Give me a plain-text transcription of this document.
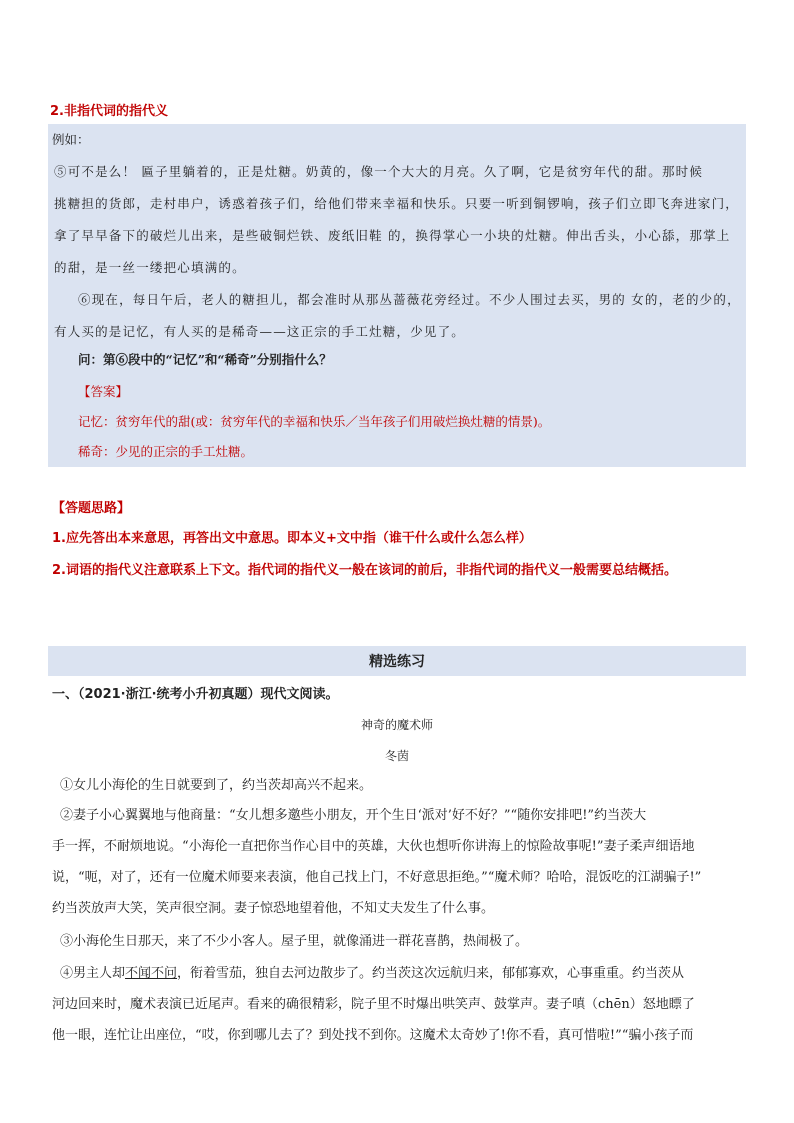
2.非指代词的指代义
例如：
⑤可不是么！ 匾子里躺着的，正是灶糖。奶黄的，像一个大大的月亮。久了啊，它是贫穷年代的甜。那时候
挑糖担的货郎，走村串户，诱惑着孩子们，给他们带来幸福和快乐。只要一听到铜锣响，孩子们立即飞奔进家门，
拿了早早备下的破烂儿出来，是些破铜烂铁、废纸旧鞋 的，换得掌心一小块的灶糖。伸出舌头，小心舔，那掌上
的甜，是一丝一缕把心填满的。
⑥现在，每日午后，老人的糖担儿，都会准时从那丛蔷薇花旁经过。不少人围过去买，男的 女的，老的少的，
有人买的是记忆，有人买的是稀奇——这正宗的手工灶糖，少见了。
问：第⑥段中的“记忆”和“稀奇”分别指什么？
【答案】
记忆：贫穷年代的甜(或：贫穷年代的幸福和快乐／当年孩子们用破烂换灶糖的情景)。
稀奇：少见的正宗的手工灶糖。
【答题思路】
1.应先答出本来意思，再答出文中意思。即本义+文中指（谁干什么或什么怎么样）
2.词语的指代义注意联系上下文。指代词的指代义一般在该词的前后，非指代词的指代义一般需要总结概括。
精选练习
一、（2021·浙江·统考小升初真题）现代文阅读。
神奇的魔术师
冬茵
①女儿小海伦的生日就要到了，约当茨却高兴不起来。
②妻子小心翼翼地与他商量：“女儿想多邀些小朋友，开个生日‘派对’好不好？”“随你安排吧!”约当茨大
手一挥，不耐烦地说。“小海伦一直把你当作心目中的英雄，大伙也想听你讲海上的惊险故事呢!”妻子柔声细语地
说，“呃，对了，还有一位魔术师要来表演，他自己找上门，不好意思拒绝。”“魔术师？哈哈，混饭吃的江湖骗子!”
约当茨放声大笑，笑声很空洞。妻子惊恐地望着他，不知丈夫发生了什么事。
③小海伦生日那天，来了不少小客人。屋子里，就像涌进一群花喜鹊，热闹极了。
④男主人却不闻不问，衔着雪茄，独自去河边散步了。约当茨这次远航归来，郁郁寡欢，心事重重。约当茨从
河边回来时，魔术表演已近尾声。看来的确很精彩，院子里不时爆出哄笑声、鼓掌声。妻子嗔（chēn）怒地瞟了
他一眼，连忙让出座位，“哎，你到哪儿去了？到处找不到你。这魔术太奇妙了!你不看，真可惜啦!”“骗小孩子而
